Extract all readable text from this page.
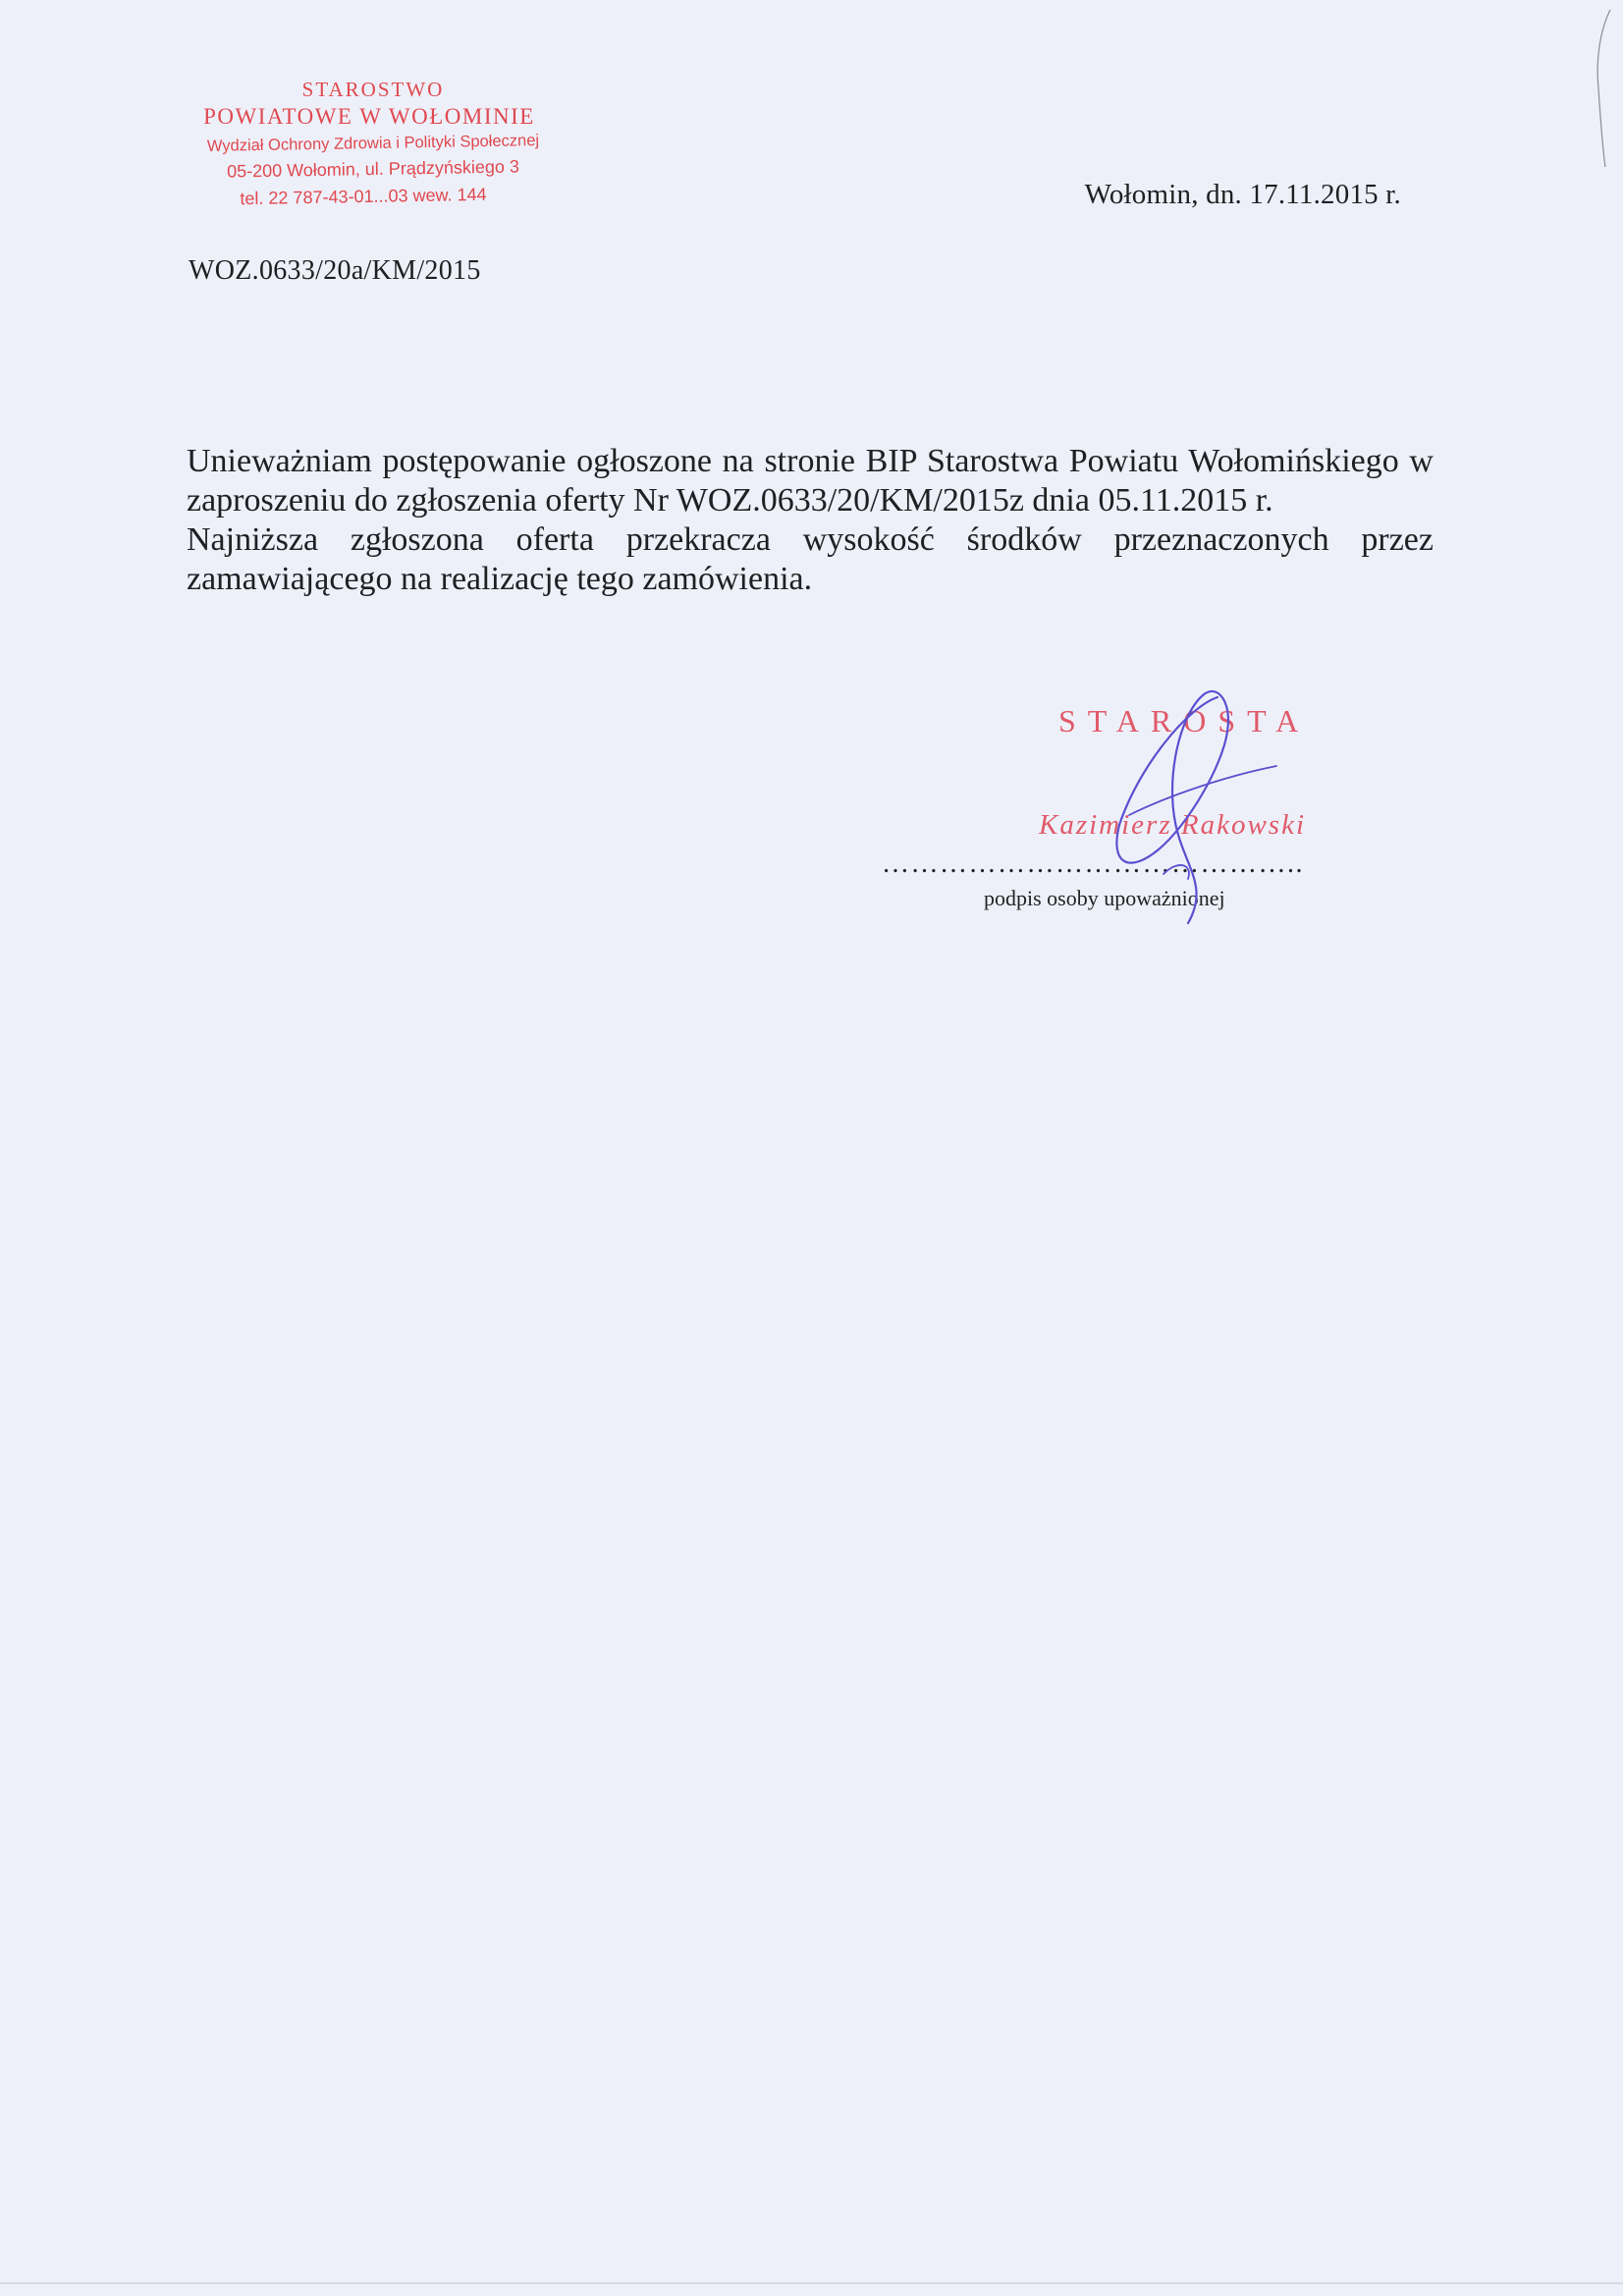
STAROSTWO
POWIATOWE W WOŁOMINIE
Wydział Ochrony Zdrowia i Polityki Społecznej
05-200 Wołomin, ul. Prądzyńskiego 3
tel. 22 787-43-01...03 wew. 144	Wołomin, dn. 17.11.2015 r.
WOZ.0633/20a/KM/2015

Unieważniam postępowanie ogłoszone na stronie BIP Starostwa Powiatu Wołomińskiego w zaproszeniu do zgłoszenia oferty Nr WOZ.0633/20/KM/2015z dnia 05.11.2015 r.

Najniższa zgłoszona oferta przekracza wysokość środków przeznaczonych przez zamawiającego na realizację tego zamówienia.

STAROSTA
Kazimierz Rakowski
……………………………………..
podpis osoby upoważnionej
